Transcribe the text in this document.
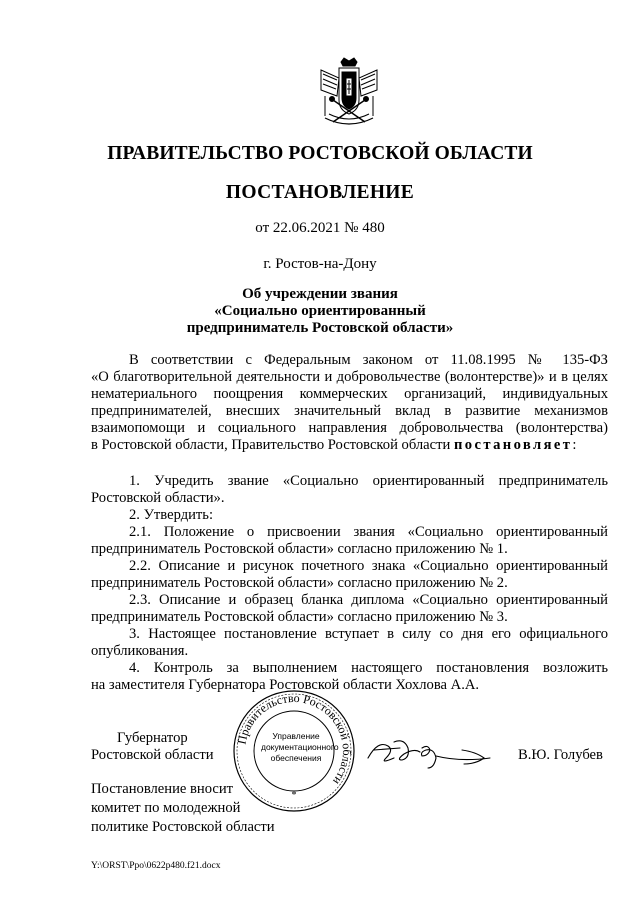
ПРАВИТЕЛЬСТВО РОСТОВСКОЙ ОБЛАСТИ
ПОСТАНОВЛЕНИЕ
от 22.06.2021 № 480
г. Ростов-на-Дону
Об учреждении звания
«Социально ориентированный
предприниматель Ростовской области»
В соответствии с Федеральным законом от 11.08.1995 № 135-ФЗ
«О благотворительной деятельности и добровольчестве (волонтерстве)» и в целях
нематериального поощрения коммерческих организаций, индивидуальных
предпринимателей, внесших значительный вклад в развитие механизмов
взаимопомощи и социального направления добровольчества (волонтерства)
в Ростовской области, Правительство Ростовской области постановляет:
1. Учредить звание «Социально ориентированный предприниматель
Ростовской области».
2. Утвердить:
2.1. Положение о присвоении звания «Социально ориентированный
предприниматель Ростовской области» согласно приложению № 1.
2.2. Описание и рисунок почетного знака «Социально ориентированный
предприниматель Ростовской области» согласно приложению № 2.
2.3. Описание и образец бланка диплома «Социально ориентированный
предприниматель Ростовской области» согласно приложению № 3.
3. Настоящее постановление вступает в силу со дня его официального
опубликования.
4. Контроль за выполнением настоящего постановления возложить
на заместителя Губернатора Ростовской области Хохлова А.А.
Губернатор
Ростовской области
Правительство Ростовской области
*
Управление
документационного
обеспечения	В.Ю. Голубев
Постановление вносит
комитет по молодежной
политике Ростовской области
Y:\ORST\Ppo\0622p480.f21.docx
